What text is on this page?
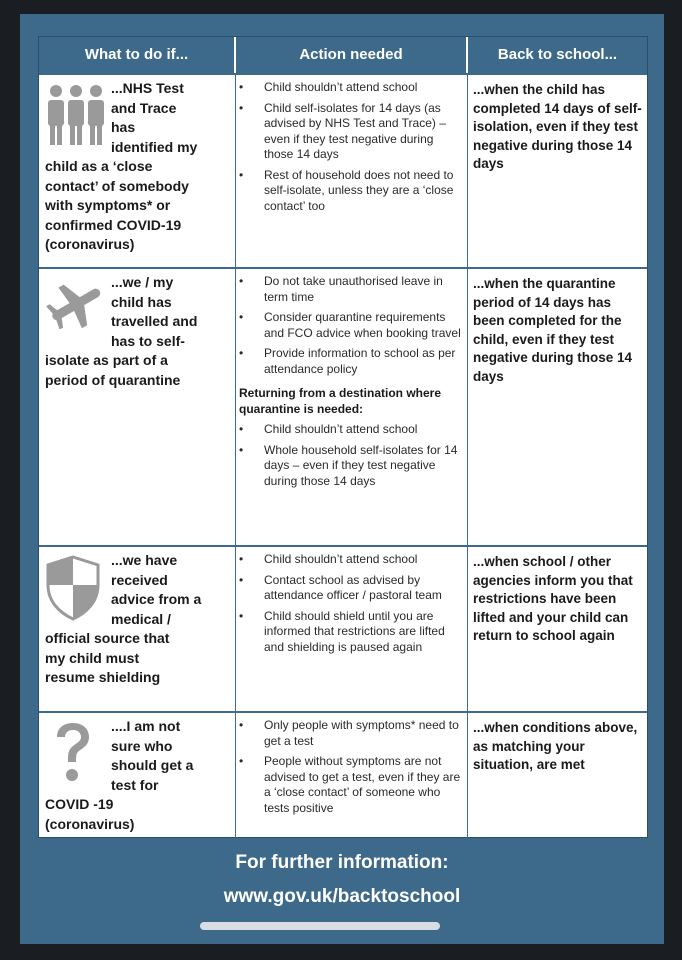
What to do if...	Action needed	Back to school...
...NHS Test
and Trace
has
identified my
child as a ‘close
contact’ of somebody
with symptoms* or
confirmed COVID-19
(coronavirus)
• Child shouldn’t attend school
• Child self-isolates for 14 days (as advised by NHS Test and Trace) – even if they test negative during those 14 days
• Rest of household does not need to self-isolate, unless they are a ‘close contact’ too
...when the child has completed 14 days of self-isolation, even if they test negative during those 14 days
...we / my
child has
travelled and
has to self-
isolate as part of a
period of quarantine
• Do not take unauthorised leave in term time
• Consider quarantine requirements and FCO advice when booking travel
• Provide information to school as per attendance policy
Returning from a destination where quarantine is needed:
• Child shouldn’t attend school
• Whole household self-isolates for 14 days – even if they test negative during those 14 days
...when the quarantine period of 14 days has been completed for the child, even if they test negative during those 14 days
...we have
received
advice from a
medical /
official source that
my child must
resume shielding
• Child shouldn’t attend school
• Contact school as advised by attendance officer / pastoral team
• Child should shield until you are informed that restrictions are lifted and shielding is paused again
...when school / other agencies inform you that restrictions have been lifted and your child can return to school again
....I am not
sure who
should get a
test for
COVID -19
(coronavirus)
• Only people with symptoms* need to get a test
• People without symptoms are not advised to get a test, even if they are a ‘close contact’ of someone who tests positive
...when conditions above, as matching your situation, are met
For further information:
www.gov.uk/backtoschool
